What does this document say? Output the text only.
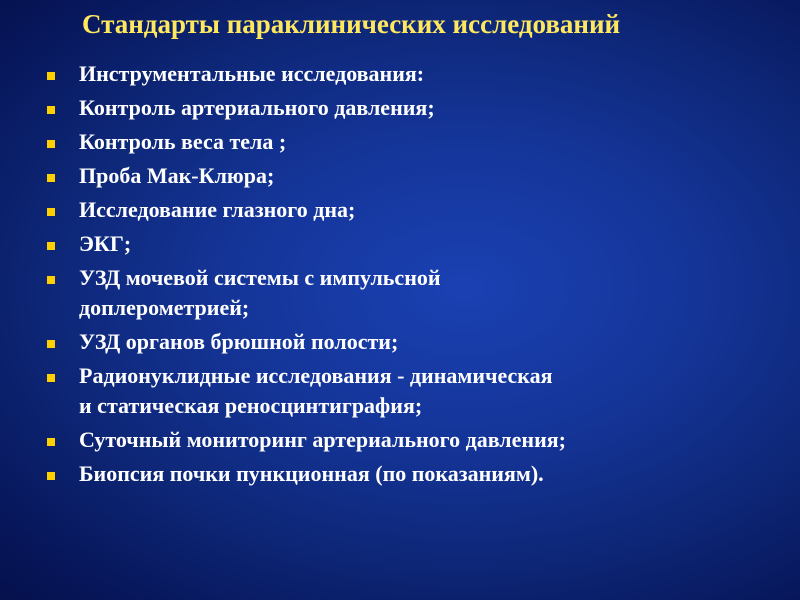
Стандарты параклинических исследований
Инструментальные исследования:
Контроль артериального давления;
Контроль веса тела ;
Проба Мак-Клюра;
Исследование глазного дна;
ЭКГ;
УЗД мочевой системы с импульсной
доплерометрией;
УЗД органов брюшной полости;
Радионуклидные исследования - динамическая
и статическая реносцинтиграфия;
Суточный мониторинг артериального давления;
Биопсия почки пункционная (по показаниям).
